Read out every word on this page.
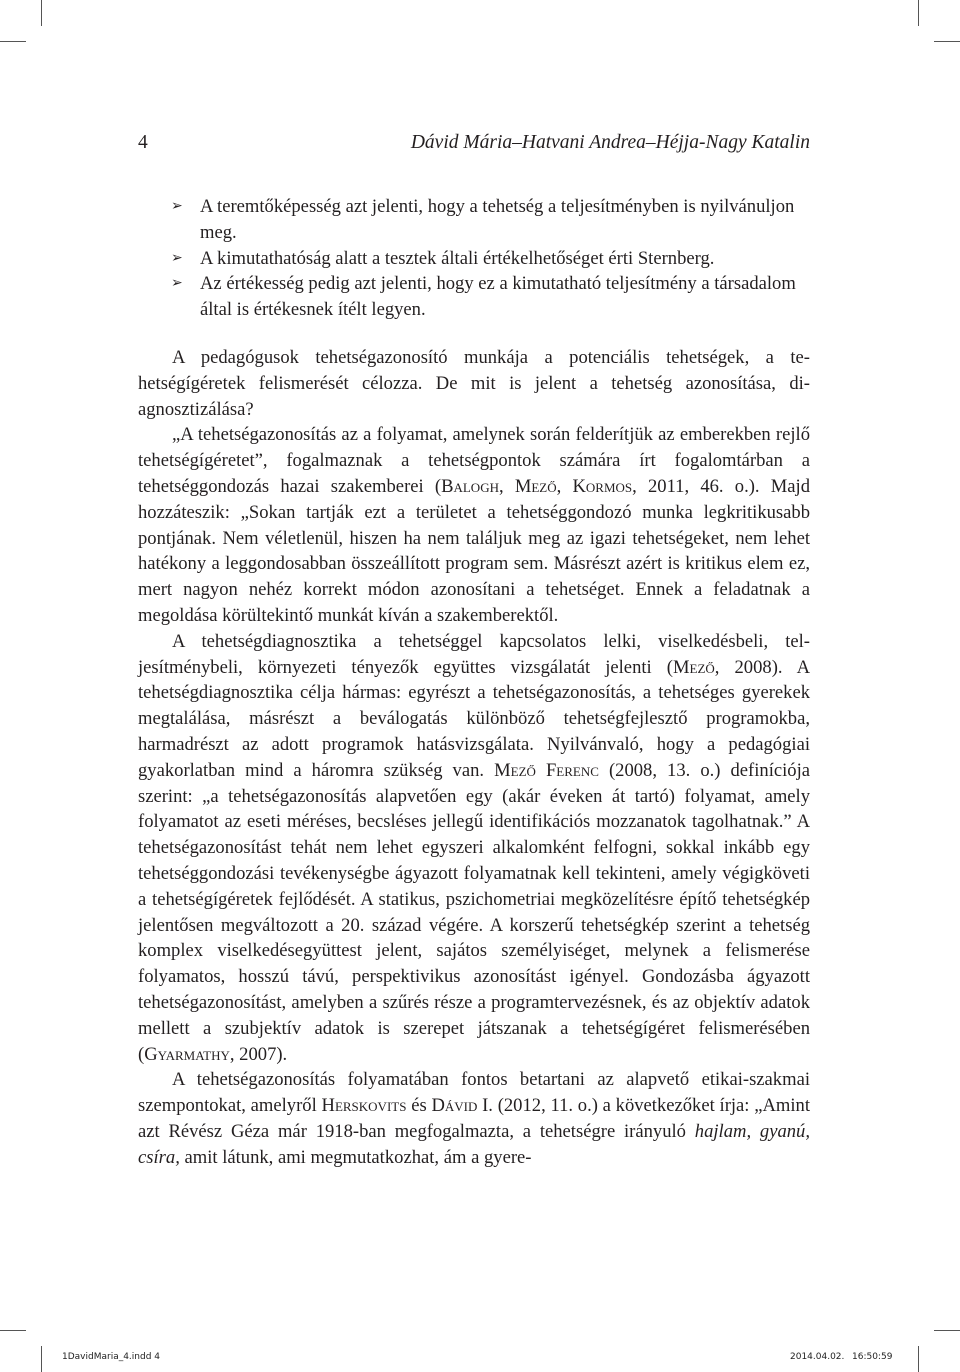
4	Dávid Mária–Hatvani Andrea–Héjja-Nagy Katalin
➢ A teremtőképesség azt jelenti, hogy a tehetség a teljesítményben is nyilvánuljon meg.
➢ A kimutathatóság alatt a tesztek általi értékelhetőséget érti Sternberg.
➢ Az értékesség pedig azt jelenti, hogy ez a kimutatható teljesítmény a társadalom által is értékesnek ítélt legyen.

A pedagógusok tehetségazonosító munkája a potenciális tehetségek, a tehetségígéretek felismerését célozza. De mit is jelent a tehetség azonosítása, diagnosztizálása?

„A tehetségazonosítás az a folyamat, amelynek során felderítjük az emberekben rejlő tehetségígéretet”, fogalmaznak a tehetségpontok számára írt fogalomtárban a tehetséggondozás hazai szakemberei (Balogh, Mező, Kormos, 2011, 46. o.). Majd hozzáteszik: „Sokan tartják ezt a területet a tehetséggondozó munka legkritikusabb pontjának. Nem véletlenül, hiszen ha nem találjuk meg az igazi tehetségeket, nem lehet hatékony a leggondosabban összeállított program sem. Másrészt azért is kritikus elem ez, mert nagyon nehéz korrekt módon azonosítani a tehetséget. Ennek a feladatnak a megoldása körültekintő munkát kíván a szakemberektől.

A tehetségdiagnosztika a tehetséggel kapcsolatos lelki, viselkedésbeli, teljesítménybeli, környezeti tényezők együttes vizsgálatát jelenti (Mező, 2008). A tehetségdiagnosztika célja hármas: egyrészt a tehetségazonosítás, a tehetséges gyerekek megtalálása, másrészt a beválogatás különböző tehetségfejlesztő programokba, harmadrészt az adott programok hatásvizsgálata. Nyilvánvaló, hogy a pedagógiai gyakorlatban mind a háromra szükség van. Mező Ferenc (2008, 13. o.) definíciója szerint: „a tehetségazonosítás alapvetően egy (akár éveken át tartó) folyamat, amely folyamatot az eseti méréses, becsléses jellegű identifikációs mozzanatok tagolhatnak.” A tehetségazonosítást tehát nem lehet egyszeri alkalomként felfogni, sokkal inkább egy tehetséggondozási tevékenységbe ágyazott folyamatnak kell tekinteni, amely végigköveti a tehetségígéretek fejlődését. A statikus, pszichometriai megközelítésre építő tehetségkép jelentősen megváltozott a 20. század végére. A korszerű tehetségkép szerint a tehetség komplex viselkedésegyüttest jelent, sajátos személyiséget, melynek a felismerése folyamatos, hosszú távú, perspektivikus azonosítást igényel. Gondozásba ágyazott tehetségazonosítást, amelyben a szűrés része a programtervezésnek, és az objektív adatok mellett a szubjektív adatok is szerepet játszanak a tehetségígéret felismerésében (Gyarmathy, 2007).

A tehetségazonosítás folyamatában fontos betartani az alapvető etikai-szakmai szempontokat, amelyről Herskovits és Dávid I. (2012, 11. o.) a következőket írja: „Amint azt Révész Géza már 1918-ban megfogalmazta, a tehetségre irányuló hajlam, gyanú, csíra, amit látunk, ami megmutatkozhat, ám a gyere-

1DavidMaria_4.indd 4	2014.04.02. 16:50:59
